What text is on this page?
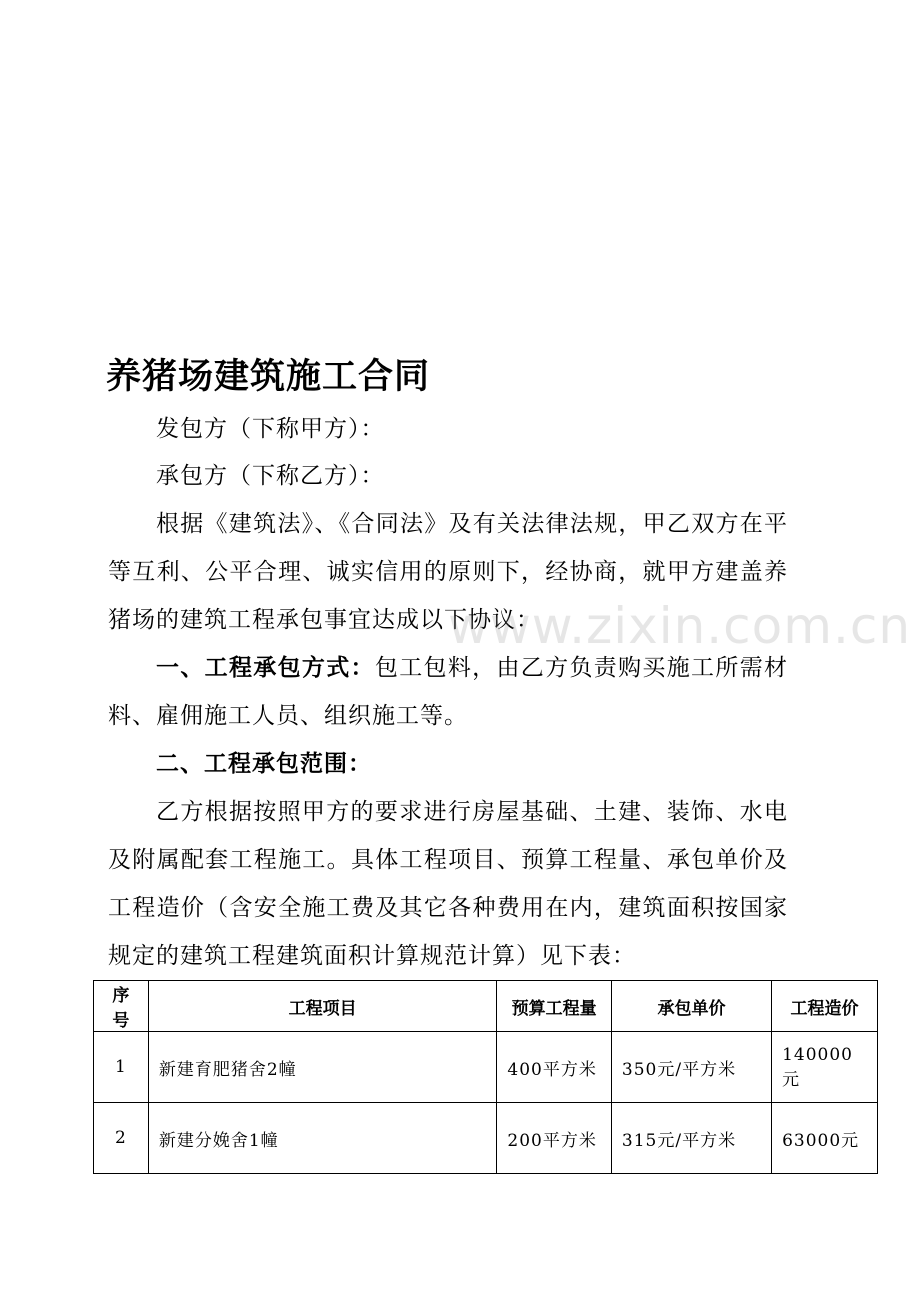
养猪场建筑施工合同
发包方（下称甲方）：
承包方（下称乙方）：
根据《建筑法》、《合同法》及有关法律法规，甲乙双方在平等互利、公平合理、诚实信用的原则下，经协商，就甲方建盖养猪场的建筑工程承包事宜达成以下协议：
www.zixin.com.cn
一、工程承包方式：包工包料，由乙方负责购买施工所需材料、雇佣施工人员、组织施工等。
二、工程承包范围：
乙方根据按照甲方的要求进行房屋基础、土建、装饰、水电及附属配套工程施工。具体工程项目、预算工程量、承包单价及工程造价（含安全施工费及其它各种费用在内，建筑面积按国家规定的建筑工程建筑面积计算规范计算）见下表：
序号	工程项目	预算工程量	承包单价	工程造价
1	新建育肥猪舍2幢	400平方米	350元/平方米	140000元
2	新建分娩舍1幢	200平方米	315元/平方米	63000元
